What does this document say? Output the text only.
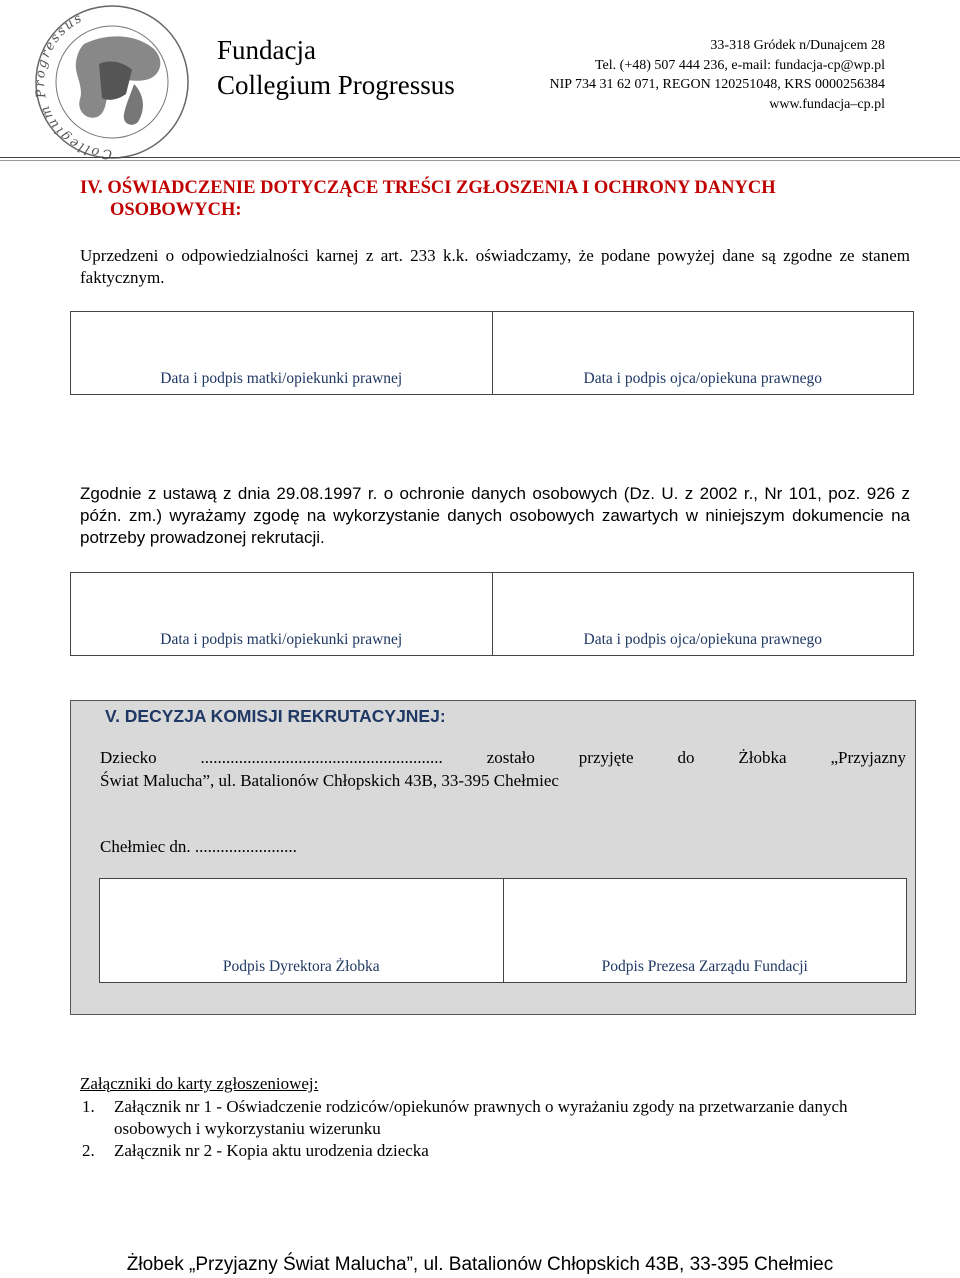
Collegium Progressus
Fundacja
Collegium Progressus
33-318 Gródek n/Dunajcem 28
Tel. (+48) 507 444 236, e-mail: fundacja-cp@wp.pl
NIP 734 31 62 071, REGON 120251048, KRS 0000256384
www.fundacja–cp.pl
IV. OŚWIADCZENIE DOTYCZĄCE TREŚCI ZGŁOSZENIA I OCHRONY DANYCH
OSOBOWYCH:
Uprzedzeni o odpowiedzialności karnej z art. 233 k.k. oświadczamy, że podane powyżej dane są zgodne ze stanem faktycznym.
Data i podpis matki/opiekunki prawnej	Data i podpis ojca/opiekuna prawnego
Zgodnie z ustawą z dnia 29.08.1997 r. o ochronie danych osobowych (Dz. U. z 2002 r., Nr 101, poz. 926 z późn. zm.) wyrażamy zgodę na wykorzystanie danych osobowych zawartych w niniejszym dokumencie na potrzeby prowadzonej rekrutacji.
Data i podpis matki/opiekunki prawnej	Data i podpis ojca/opiekuna prawnego
V. DECYZJA KOMISJI REKRUTACYJNEJ:
Dziecko ......................................................... zostało przyjęte do Żłobka „Przyjazny
Świat Malucha”, ul. Batalionów Chłopskich 43B, 33-395 Chełmiec
Chełmiec dn. ........................
Podpis Dyrektora Żłobka	Podpis Prezesa Zarządu Fundacji
Załączniki do karty zgłoszeniowej:
1. Załącznik nr 1 - Oświadczenie rodziców/opiekunów prawnych o wyrażaniu zgody na przetwarzanie danych osobowych i wykorzystaniu wizerunku
2. Załącznik nr 2 - Kopia aktu urodzenia dziecka
Żłobek „Przyjazny Świat Malucha”, ul. Batalionów Chłopskich 43B, 33-395 Chełmiec
